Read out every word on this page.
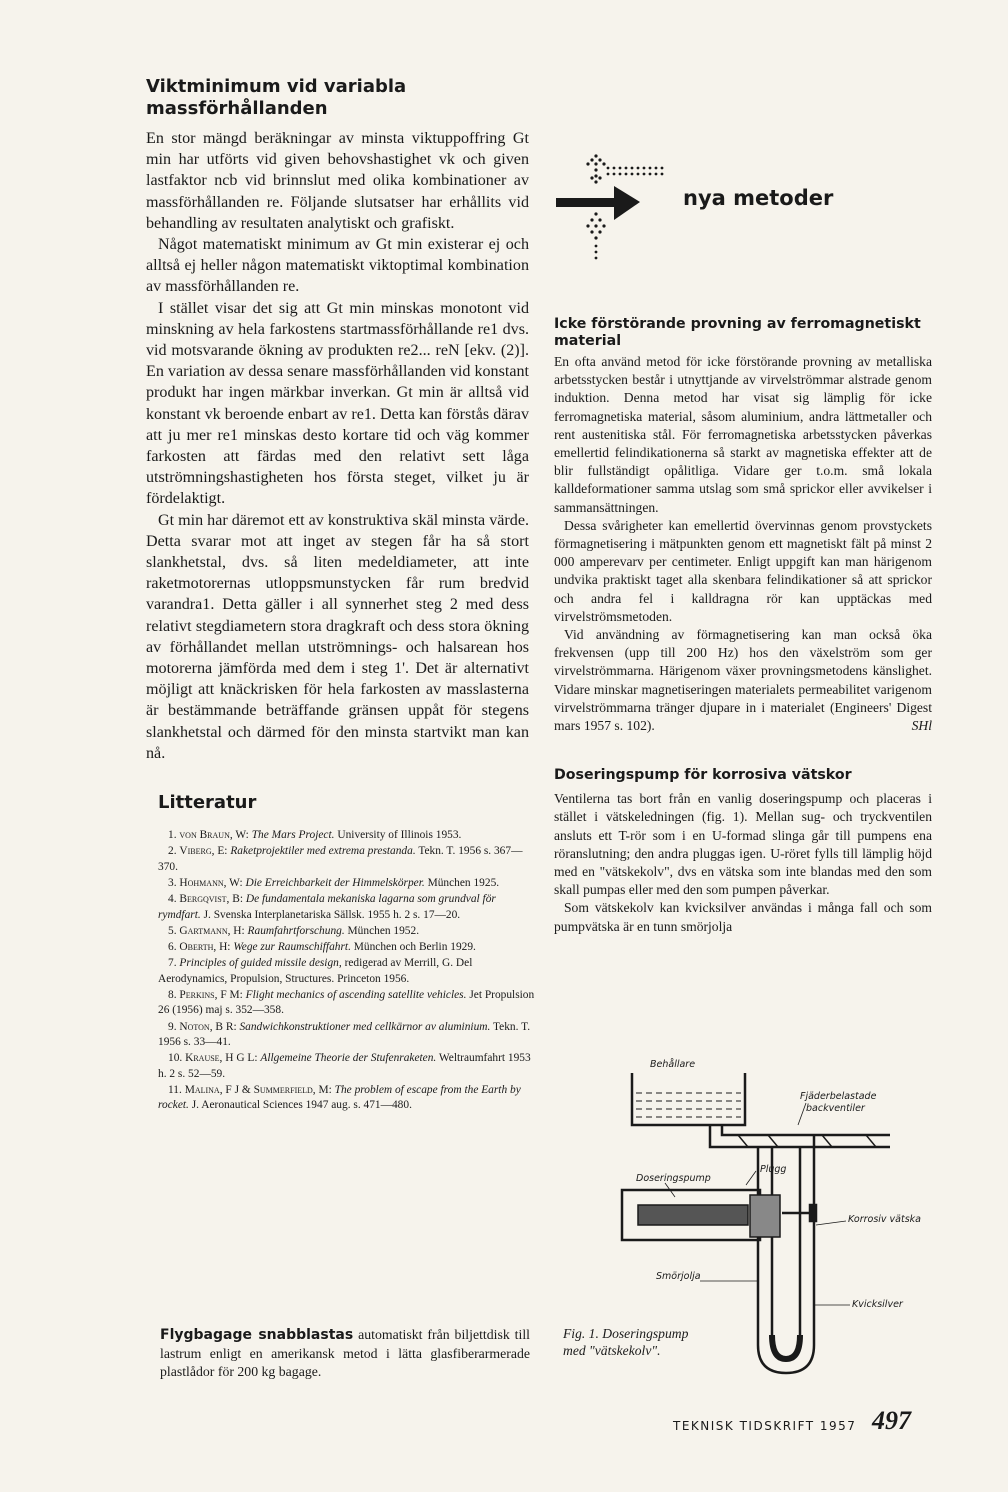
Viktminimum vid variabla massförhållanden

En stor mängd beräkningar av minsta viktuppoffring Gt min har utförts vid given behovshastighet vk och given lastfaktor ncb vid brinnslut med olika kombinationer av massförhållanden re. Följande slutsatser har erhållits vid behandling av resultaten analytiskt och grafiskt.

Något matematiskt minimum av Gt min existerar ej och alltså ej heller någon matematiskt viktoptimal kombination av massförhållanden re.

I stället visar det sig att Gt min minskas monotont vid minskning av hela farkostens startmassförhållande re1 dvs. vid motsvarande ökning av produkten re2... reN [ekv. (2)]. En variation av dessa senare massförhållanden vid konstant produkt har ingen märkbar inverkan. Gt min är alltså vid konstant vk beroende enbart av re1. Detta kan förstås därav att ju mer re1 minskas desto kortare tid och väg kommer farkosten att färdas med den relativt sett låga utströmningshastigheten hos första steget, vilket ju är fördelaktigt.

Gt min har däremot ett av konstruktiva skäl minsta värde. Detta svarar mot att inget av stegen får ha så stort slankhetstal, dvs. så liten medeldiameter, att inte raketmotorernas utloppsmunstycken får rum bredvid varandra1. Detta gäller i all synnerhet steg 2 med dess relativt stegdiametern stora dragkraft och dess stora ökning av förhållandet mellan utströmnings- och halsarean hos motorerna jämförda med dem i steg 1'. Det är alternativt möjligt att knäckrisken för hela farkosten av masslasterna är bestämmande beträffande gränsen uppåt för stegens slankhetstal och därmed för den minsta startvikt man kan nå.

Litteratur
1. von Braun, W: The Mars Project. University of Illinois 1953.
2. Viberg, E: Raketprojektiler med extrema prestanda. Tekn. T. 1956 s. 367—370.
3. Hohmann, W: Die Erreichbarkeit der Himmelskörper. München 1925.
4. Bergqvist, B: De fundamentala mekaniska lagarna som grundval för rymdfart. J. Svenska Interplanetariska Sällsk. 1955 h. 2 s. 17—20.
5. Gartmann, H: Raumfahrtforschung. München 1952.
6. Oberth, H: Wege zur Raumschiffahrt. München och Berlin 1929.
7. Principles of guided missile design, redigerad av Merrill, G. Del Aerodynamics, Propulsion, Structures. Princeton 1956.
8. Perkins, F M: Flight mechanics of ascending satellite vehicles. Jet Propulsion 26 (1956) maj s. 352—358.
9. Noton, B R: Sandwichkonstruktioner med cellkärnor av aluminium. Tekn. T. 1956 s. 33—41.
10. Krause, H G L: Allgemeine Theorie der Stufenraketen. Weltraumfahrt 1953 h. 2 s. 52—59.
11. Malina, F J & Summerfield, M: The problem of escape from the Earth by rocket. J. Aeronautical Sciences 1947 aug. s. 471—480.
Flygbagage snabblastas automatiskt från biljettdisk till lastrum enligt en amerikansk metod i lätta glasfiberarmerade plastlådor för 200 kg bagage.
nya metoder
Icke förstörande provning av ferromagnetiskt material

En ofta använd metod för icke förstörande provning av metalliska arbetsstycken består i utnyttjande av virvelströmmar alstrade genom induktion. Denna metod har visat sig lämplig för icke ferromagnetiska material, såsom aluminium, andra lättmetaller och rent austenitiska stål. För ferromagnetiska arbetsstycken påverkas emellertid felindikationerna så starkt av magnetiska effekter att de blir fullständigt opålitliga. Vidare ger t.o.m. små lokala kalldeformationer samma utslag som små sprickor eller avvikelser i sammansättningen.

Dessa svårigheter kan emellertid övervinnas genom provstyckets förmagnetisering i mätpunkten genom ett magnetiskt fält på minst 2 000 amperevarv per centimeter. Enligt uppgift kan man härigenom undvika praktiskt taget alla skenbara felindikationer så att sprickor och andra fel i kalldragna rör kan upptäckas med virvelströmsmetoden.

Vid användning av förmagnetisering kan man också öka frekvensen (upp till 200 Hz) hos den växelström som ger virvelströmmarna. Härigenom växer provningsmetodens känslighet. Vidare minskar magnetiseringen materialets permeabilitet varigenom virvelströmmarna tränger djupare in i materialet (Engineers' Digest mars 1957 s. 102).	SHl

Doseringspump för korrosiva vätskor

Ventilerna tas bort från en vanlig doseringspump och placeras i stället i vätskeledningen (fig. 1). Mellan sug- och tryckventilen ansluts ett T-rör som i en U-formad slinga går till pumpens ena röranslutning; den andra pluggas igen. U-röret fylls till lämplig höjd med en "vätskekolv", dvs en vätska som inte blandas med den som skall pumpas eller med den som pumpen påverkar.

Som vätskekolv kan kvicksilver användas i många fall och som pumpvätska är en tunn smörjolja

Behållare
Fjäderbelastade
backventiler
Doseringspump
Plugg
Korrosiv vätska
Smörjolja
Kvicksilver
Fig. 1. Doseringspump med "vätskekolv".
TEKNISK TIDSKRIFT 1957 497
